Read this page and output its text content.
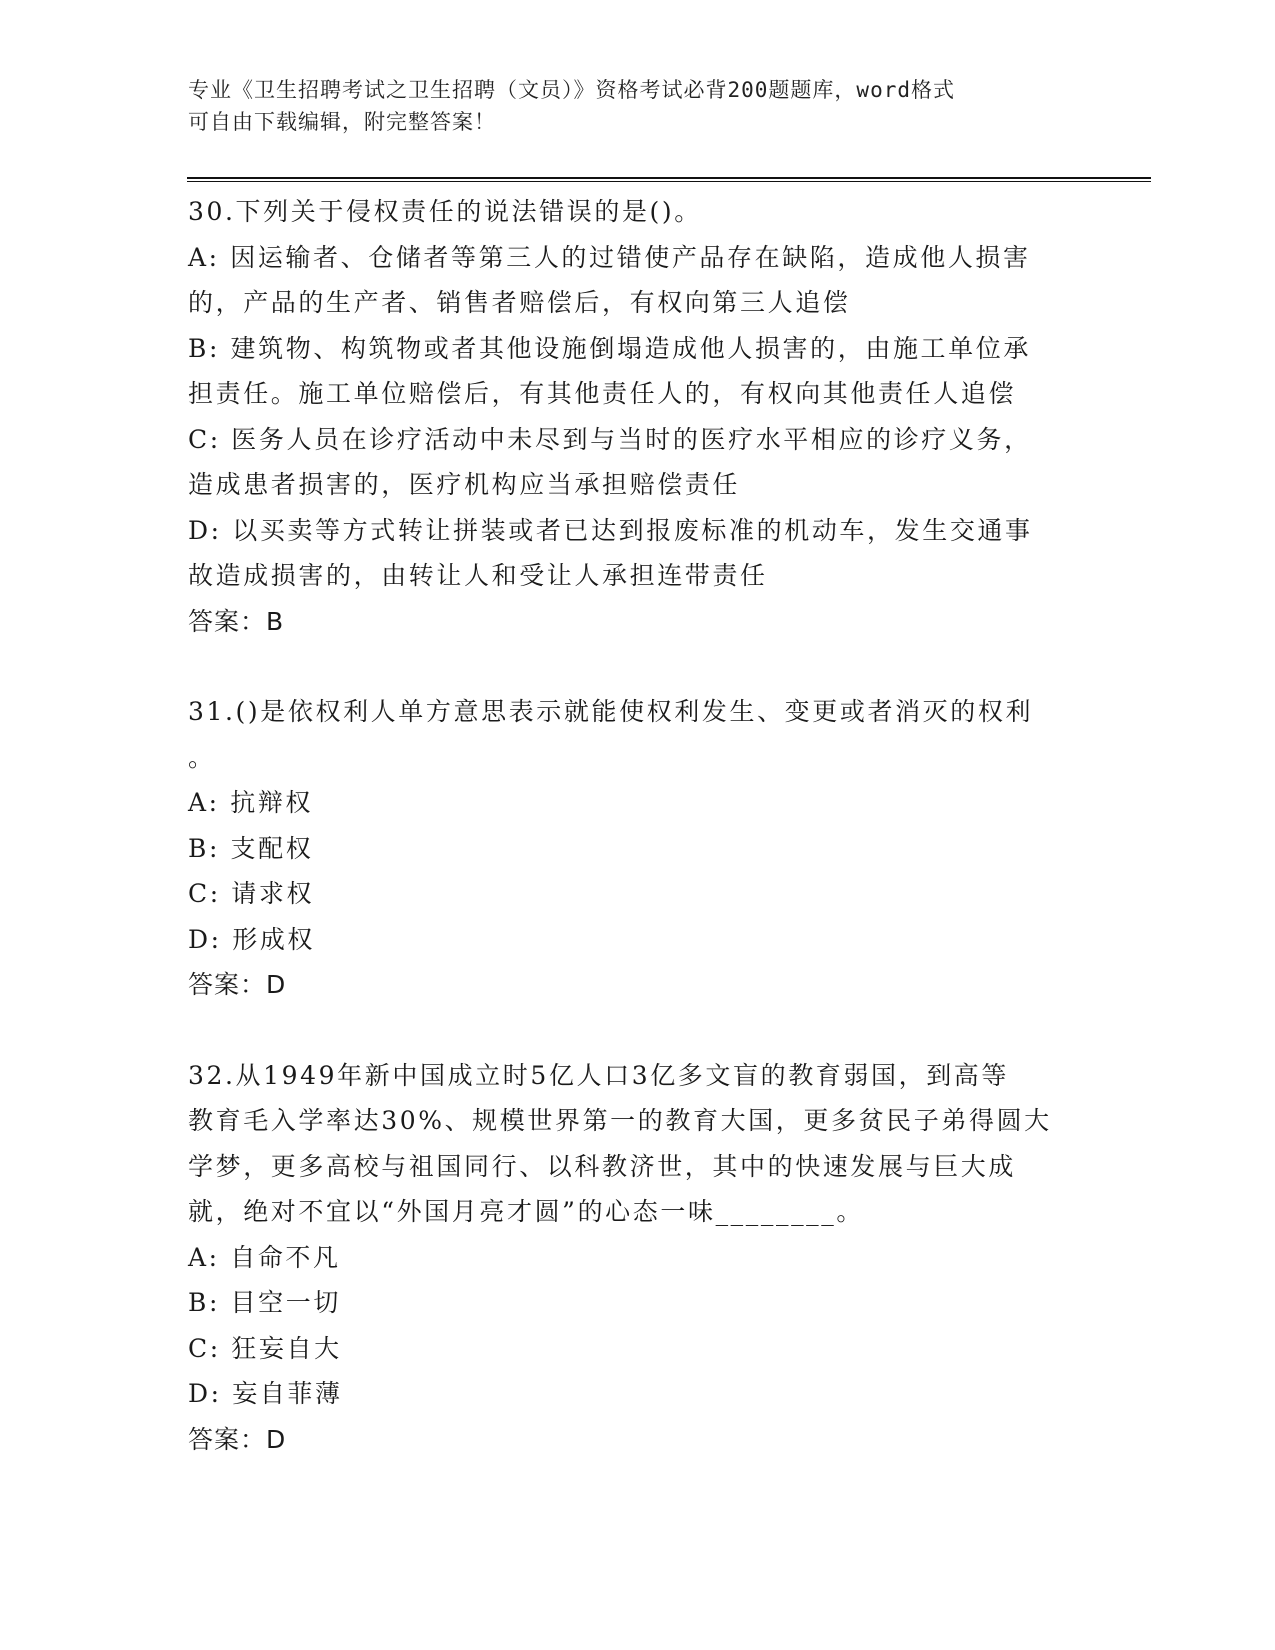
专业《卫生招聘考试之卫生招聘（文员）》资格考试必背200题题库，word格式
可自由下载编辑，附完整答案！
30.下列关于侵权责任的说法错误的是()。
A: 因运输者、仓储者等第三人的过错使产品存在缺陷，造成他人损害
的，产品的生产者、销售者赔偿后，有权向第三人追偿
B: 建筑物、构筑物或者其他设施倒塌造成他人损害的，由施工单位承
担责任。施工单位赔偿后，有其他责任人的，有权向其他责任人追偿
C: 医务人员在诊疗活动中未尽到与当时的医疗水平相应的诊疗义务，
造成患者损害的，医疗机构应当承担赔偿责任
D: 以买卖等方式转让拼装或者已达到报废标准的机动车，发生交通事
故造成损害的，由转让人和受让人承担连带责任
答案：B
31.()是依权利人单方意思表示就能使权利发生、变更或者消灭的权利
。
A: 抗辩权
B: 支配权
C: 请求权
D: 形成权
答案：D
32.从1949年新中国成立时5亿人口3亿多文盲的教育弱国，到高等
教育毛入学率达30%、规模世界第一的教育大国，更多贫民子弟得圆大
学梦，更多高校与祖国同行、以科教济世，其中的快速发展与巨大成
就，绝对不宜以“外国月亮才圆”的心态一味________。
A: 自命不凡
B: 目空一切
C: 狂妄自大
D: 妄自菲薄
答案：D
